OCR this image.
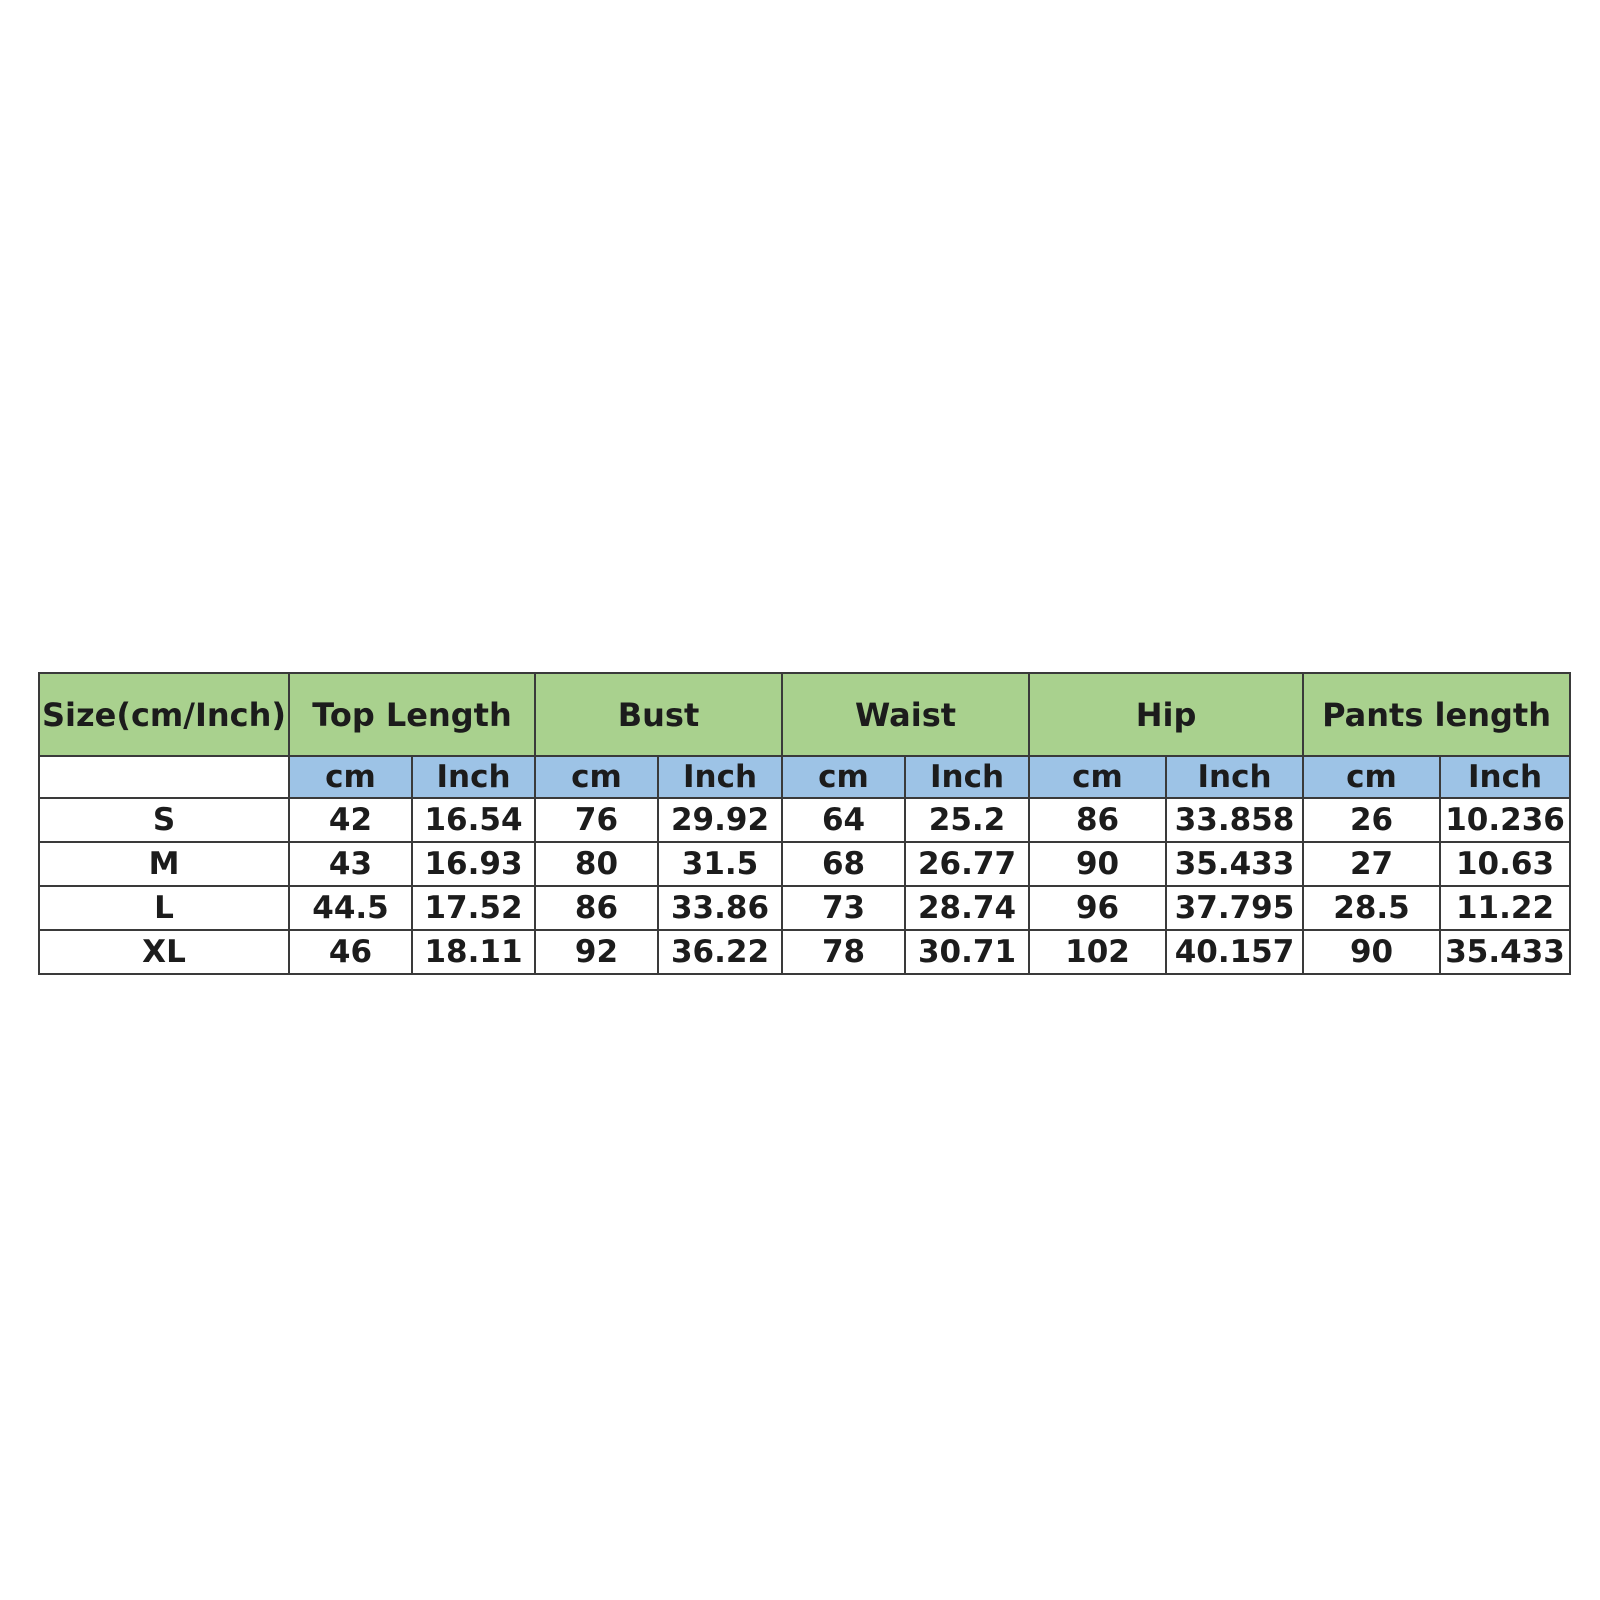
Size(cm/Inch)	Top Length		Bust		Waist		Hip		Pants length	
	cm	Inch	cm	Inch	cm	Inch	cm	Inch	cm	Inch
S	42	16.54	76	29.92	64	25.2	86	33.858	26	10.236
M	43	16.93	80	31.5	68	26.77	90	35.433	27	10.63
L	44.5	17.52	86	33.86	73	28.74	96	37.795	28.5	11.22
XL	46	18.11	92	36.22	78	30.71	102	40.157	90	35.433
